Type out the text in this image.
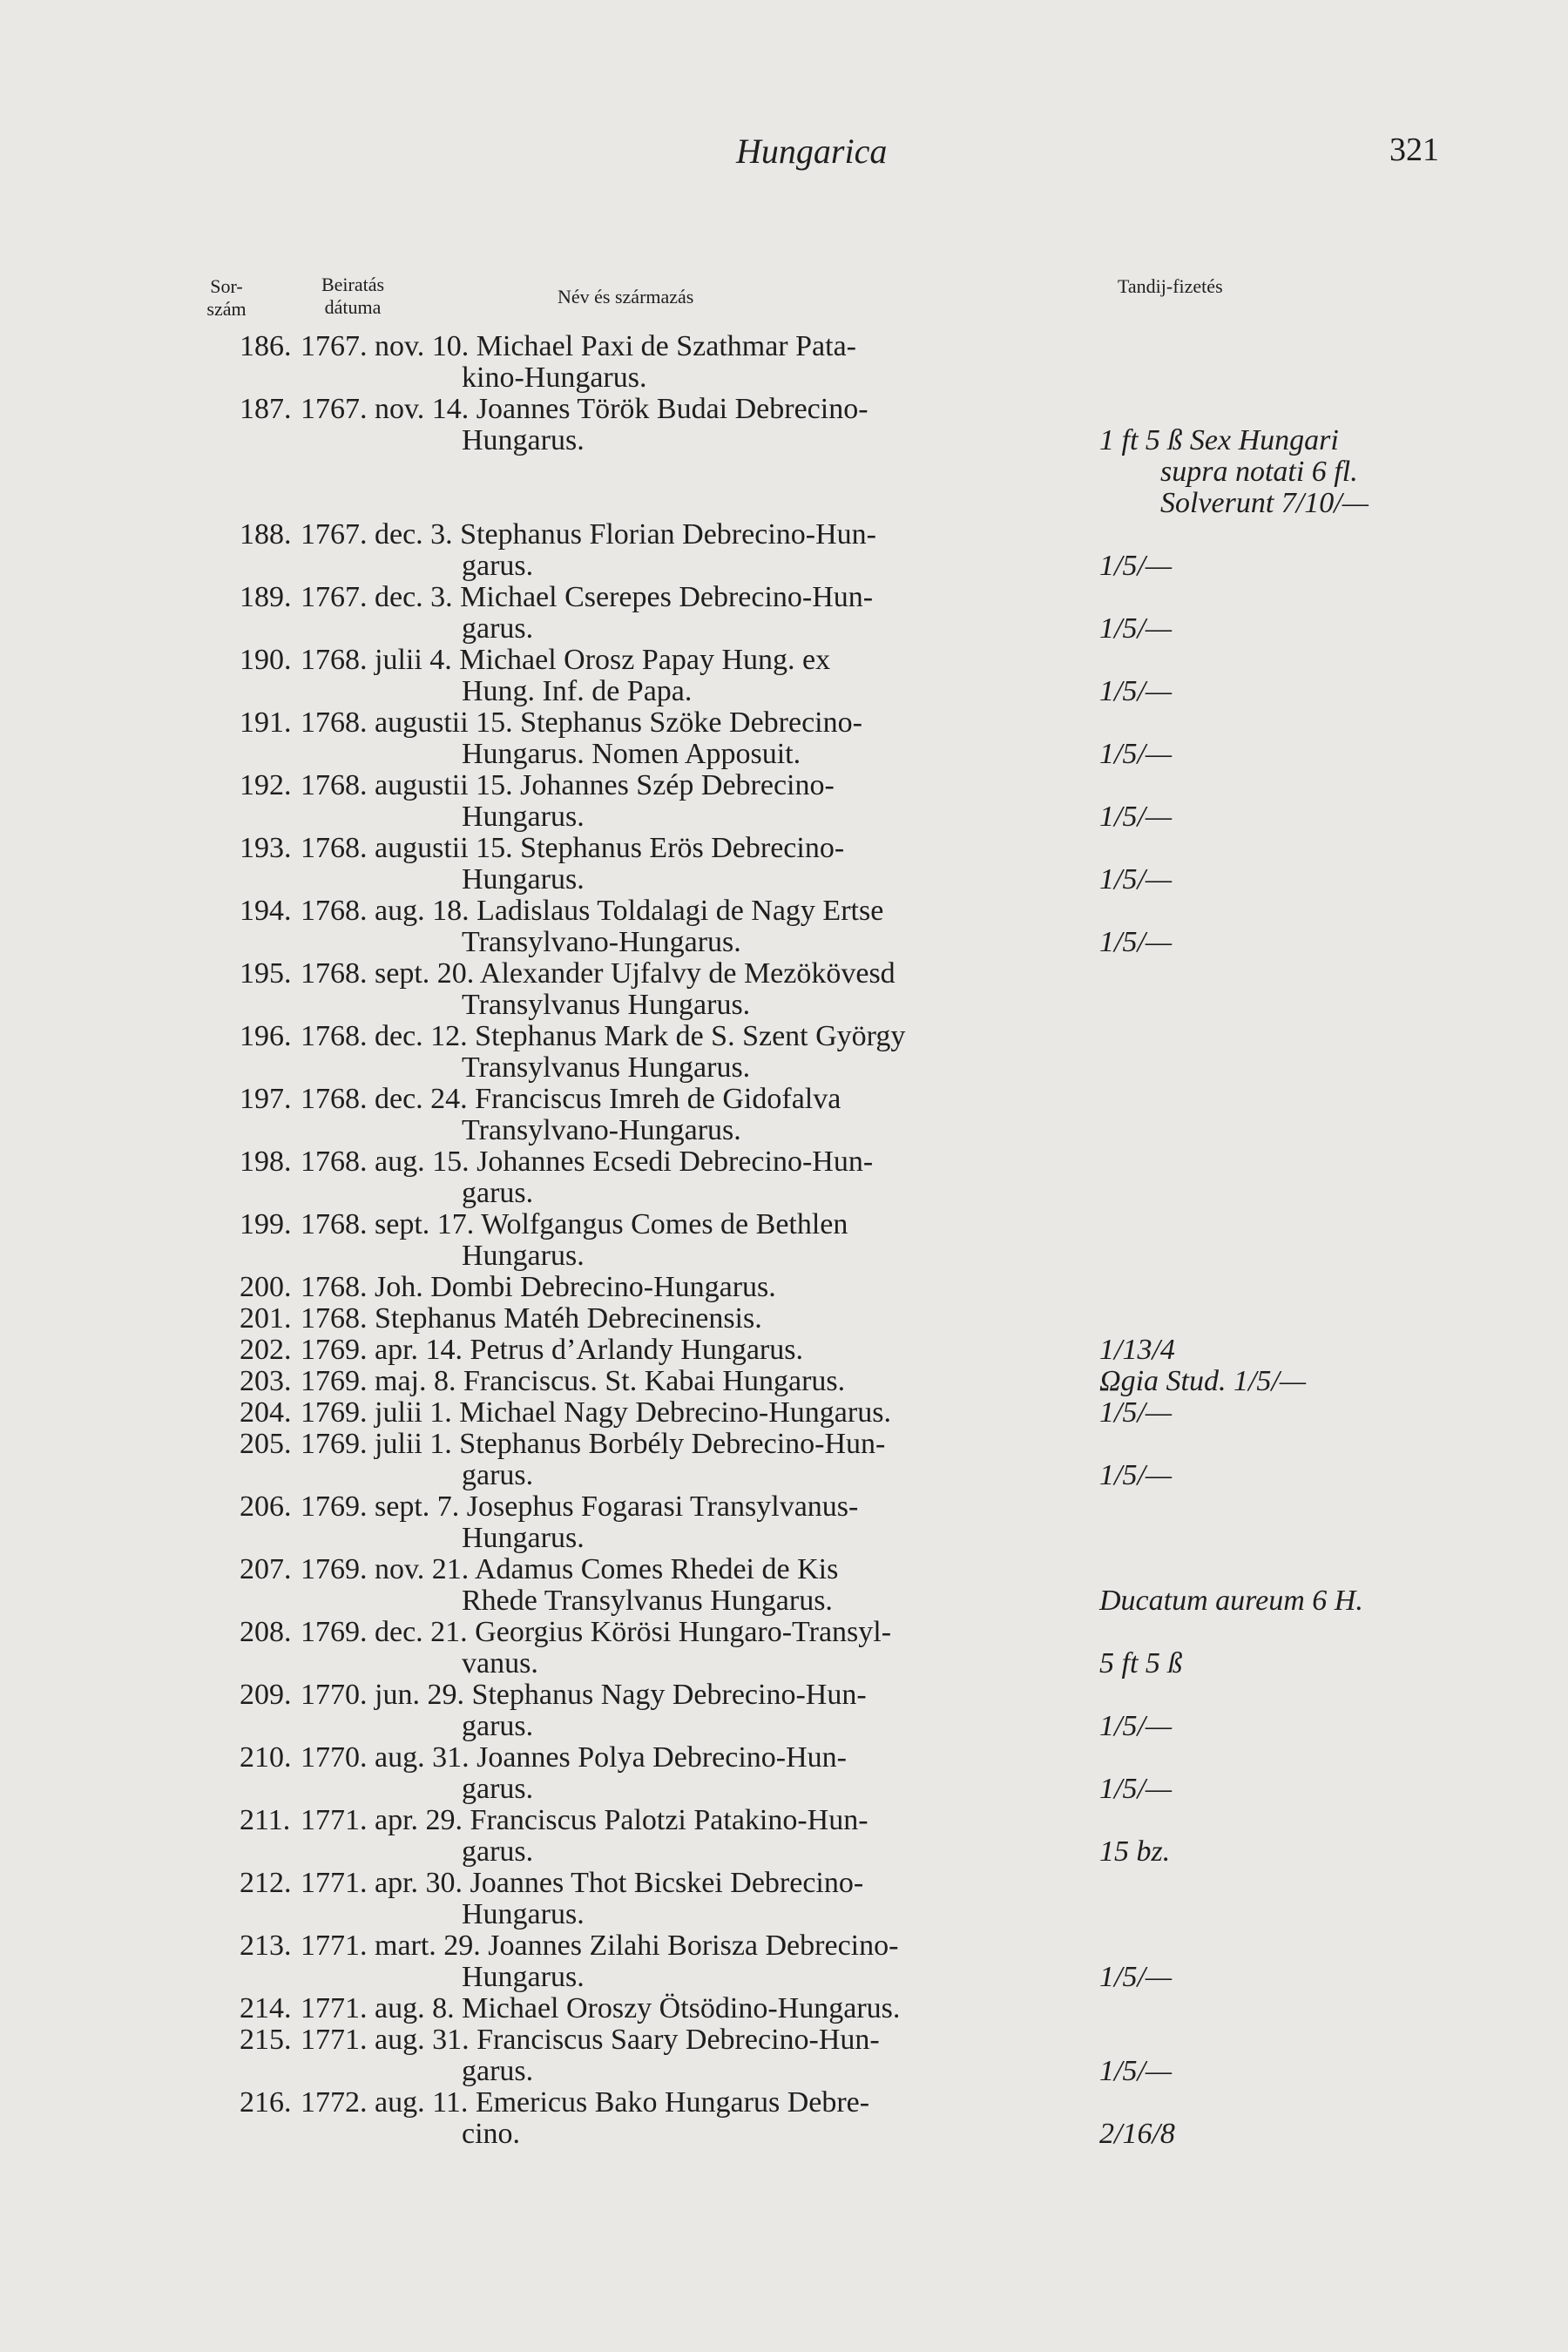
Hungarica	321
Sor-
szám
Beiratás
dátuma	Név és származás	Tandij-fizetés
186. 1767. nov. 10. Michael Paxi de Szathmar Pata-
kino-Hungarus.
187. 1767. nov. 14. Joannes Török Budai Debrecino-
Hungarus.	1 ft 5 ß Sex Hungari
supra notati 6 fl.
Solverunt 7/10/—
188. 1767. dec. 3. Stephanus Florian Debrecino-Hun-
garus.	1/5/—
189. 1767. dec. 3. Michael Cserepes Debrecino-Hun-
garus.	1/5/—
190. 1768. julii 4. Michael Orosz Papay Hung. ex
Hung. Inf. de Papa.	1/5/—
191. 1768. augustii 15. Stephanus Szöke Debrecino-
Hungarus. Nomen Apposuit.	1/5/—
192. 1768. augustii 15. Johannes Szép Debrecino-
Hungarus.	1/5/—
193. 1768. augustii 15. Stephanus Erös Debrecino-
Hungarus.	1/5/—
194. 1768. aug. 18. Ladislaus Toldalagi de Nagy Ertse
Transylvano-Hungarus.	1/5/—
195. 1768. sept. 20. Alexander Ujfalvy de Mezökövesd
Transylvanus Hungarus.
196. 1768. dec. 12. Stephanus Mark de S. Szent György
Transylvanus Hungarus.
197. 1768. dec. 24. Franciscus Imreh de Gidofalva
Transylvano-Hungarus.
198. 1768. aug. 15. Johannes Ecsedi Debrecino-Hun-
garus.
199. 1768. sept. 17. Wolfgangus Comes de Bethlen
Hungarus.
200. 1768. Joh. Dombi Debrecino-Hungarus.
201. 1768. Stephanus Matéh Debrecinensis.
202. 1769. apr. 14. Petrus d’Arlandy Hungarus.	1/13/4
203. 1769. maj. 8. Franciscus. St. Kabai Hungarus.	Ωgia Stud. 1/5/—
204. 1769. julii 1. Michael Nagy Debrecino-Hungarus.	1/5/—
205. 1769. julii 1. Stephanus Borbély Debrecino-Hun-
garus.	1/5/—
206. 1769. sept. 7. Josephus Fogarasi Transylvanus-
Hungarus.
207. 1769. nov. 21. Adamus Comes Rhedei de Kis
Rhede Transylvanus Hungarus.	Ducatum aureum 6 H.
208. 1769. dec. 21. Georgius Körösi Hungaro-Transyl-
vanus.	5 ft 5 ß
209. 1770. jun. 29. Stephanus Nagy Debrecino-Hun-
garus.	1/5/—
210. 1770. aug. 31. Joannes Polya Debrecino-Hun-
garus.	1/5/—
211. 1771. apr. 29. Franciscus Palotzi Patakino-Hun-
garus.	15 bz.
212. 1771. apr. 30. Joannes Thot Bicskei Debrecino-
Hungarus.
213. 1771. mart. 29. Joannes Zilahi Borisza Debrecino-
Hungarus.	1/5/—
214. 1771. aug. 8. Michael Oroszy Ötsödino-Hungarus.
215. 1771. aug. 31. Franciscus Saary Debrecino-Hun-
garus.	1/5/—
216. 1772. aug. 11. Emericus Bako Hungarus Debre-
cino.	2/16/8
